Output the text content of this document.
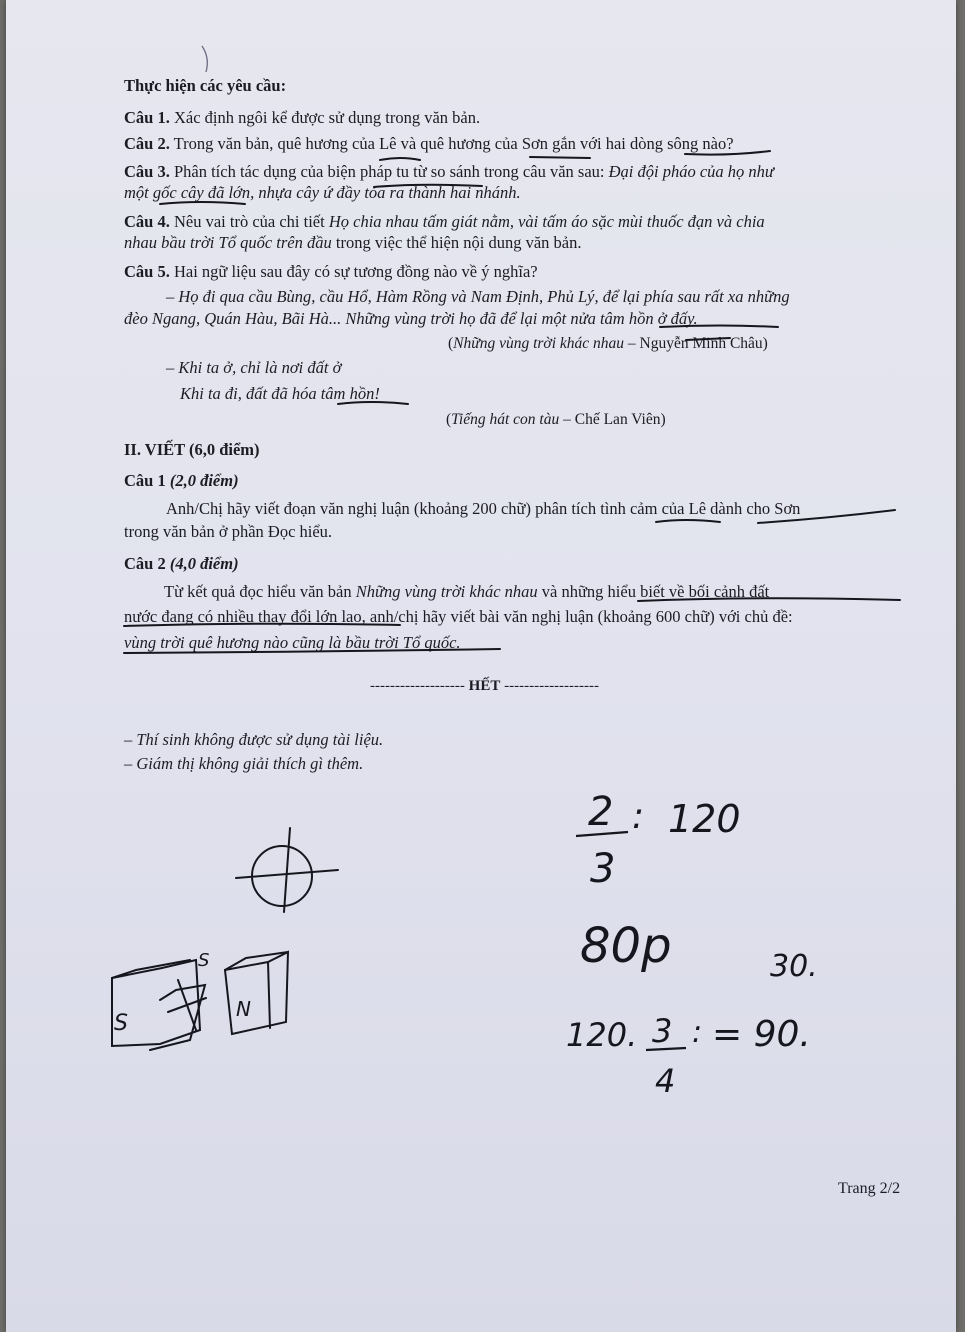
Thực hiện các yêu cầu:
Câu 1. Xác định ngôi kể được sử dụng trong văn bản.
Câu 2. Trong văn bản, quê hương của Lê và quê hương của Sơn gắn với hai dòng sông nào?
Câu 3. Phân tích tác dụng của biện pháp tu từ so sánh trong câu văn sau: Đại đội pháo của họ như
một gốc cây đã lớn, nhựa cây ứ đầy tỏa ra thành hai nhánh.
Câu 4. Nêu vai trò của chi tiết Họ chia nhau tấm giát nằm, vài tấm áo sặc mùi thuốc đạn và chia
nhau bầu trời Tổ quốc trên đầu trong việc thể hiện nội dung văn bản.
Câu 5. Hai ngữ liệu sau đây có sự tương đồng nào về ý nghĩa?
– Họ đi qua cầu Bùng, cầu Hổ, Hàm Rồng và Nam Định, Phủ Lý, để lại phía sau rất xa những
đèo Ngang, Quán Hàu, Bãi Hà... Những vùng trời họ đã để lại một nửa tâm hồn ở đấy.
(Những vùng trời khác nhau – Nguyễn Minh Châu)
– Khi ta ở, chỉ là nơi đất ở
Khi ta đi, đất đã hóa tâm hồn!
(Tiếng hát con tàu – Chế Lan Viên)
II. VIẾT (6,0 điểm)
Câu 1 (2,0 điểm)
Anh/Chị hãy viết đoạn văn nghị luận (khoảng 200 chữ) phân tích tình cảm của Lê dành cho Sơn
trong văn bản ở phần Đọc hiểu.
Câu 2 (4,0 điểm)
Từ kết quả đọc hiểu văn bản Những vùng trời khác nhau và những hiểu biết về bối cảnh đất
nước đang có nhiều thay đổi lớn lao, anh/chị hãy viết bài văn nghị luận (khoảng 600 chữ) với chủ đề:
vùng trời quê hương nào cũng là bầu trời Tổ quốc.
------------------- HẾT -------------------
– Thí sinh không được sử dụng tài liệu.
– Giám thị không giải thích gì thêm.
Trang 2/2
S
N
S
2
3
: 120
80p	30.
120. 3
4
: = 90.
